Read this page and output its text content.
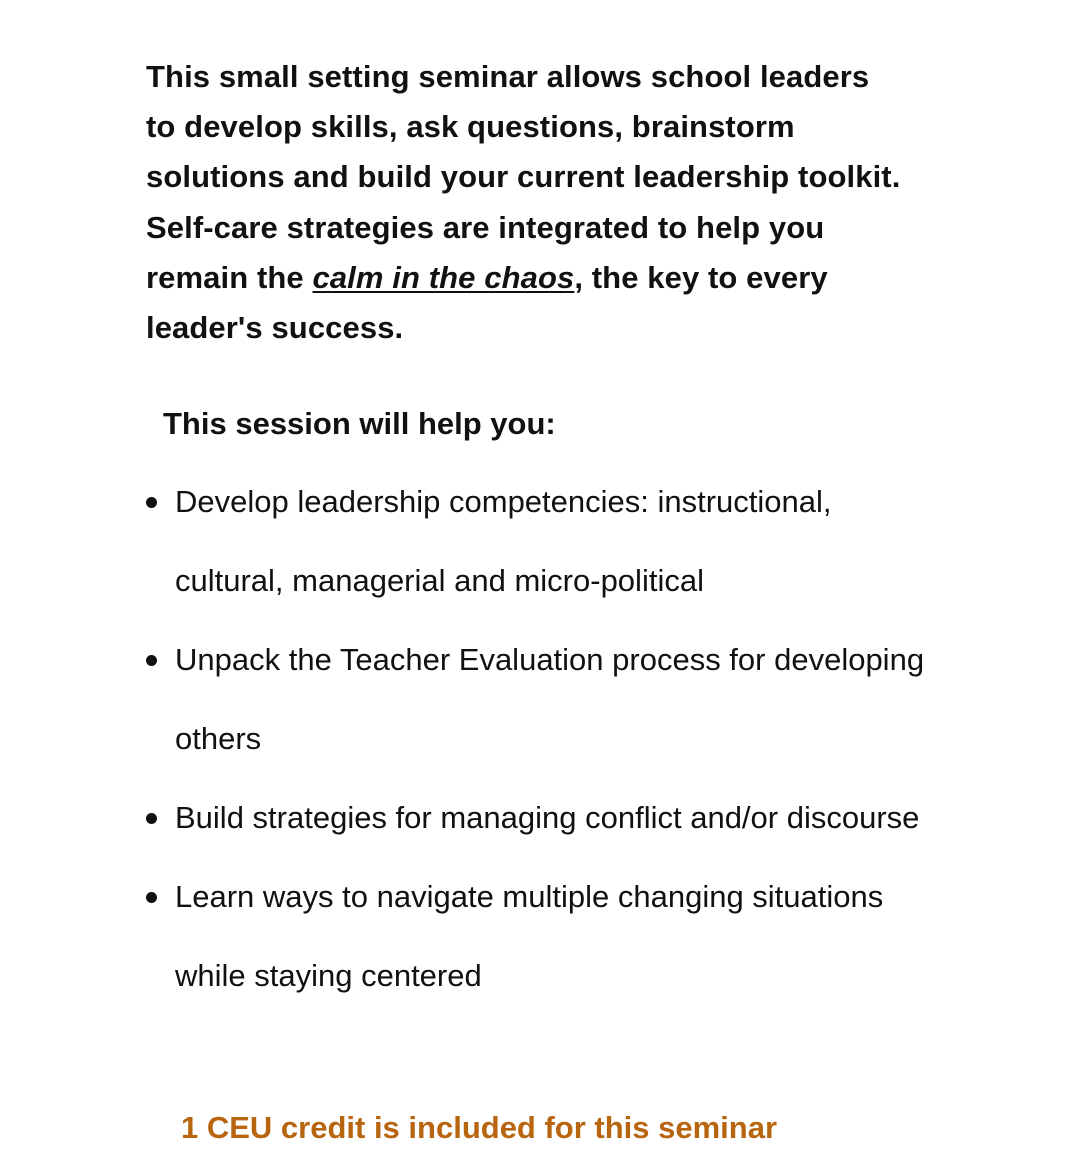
This small setting seminar allows school leaders to develop skills, ask questions, brainstorm solutions and build your current leadership toolkit. Self-care strategies are integrated to help you remain the calm in the chaos, the key to every leader's success.

This session will help you:

Develop leadership competencies: instructional, cultural, managerial and micro-political
Unpack the Teacher Evaluation process for developing others
Build strategies for managing conflict and/or discourse
Learn ways to navigate multiple changing situations while staying centered

1 CEU credit is included for this seminar
